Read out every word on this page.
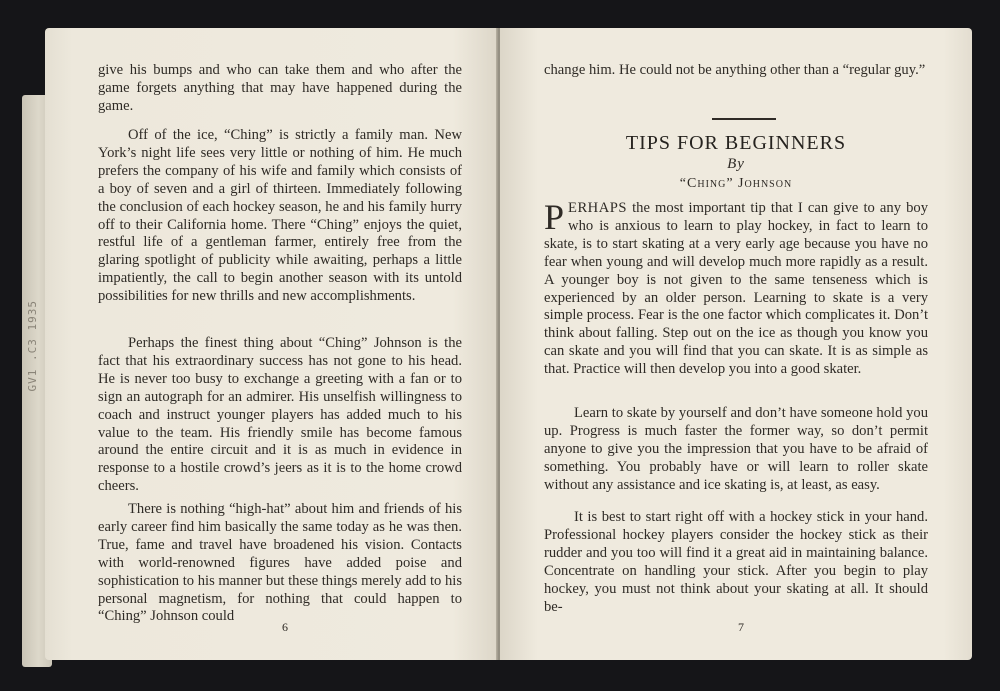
GV1 .C3 1935
give his bumps and who can take them and who after the game forgets anything that may have happened during the game.
Off of the ice, “Ching” is strictly a family man. New York’s night life sees very little or nothing of him. He much prefers the company of his wife and family which consists of a boy of seven and a girl of thirteen. Immediately following the conclusion of each hockey season, he and his family hurry off to their California home. There “Ching” enjoys the quiet, restful life of a gentleman farmer, entirely free from the glaring spotlight of publicity while awaiting, perhaps a little impatiently, the call to begin another season with its untold possibilities for new thrills and new accomplishments.
Perhaps the finest thing about “Ching” Johnson is the fact that his extraordinary success has not gone to his head. He is never too busy to exchange a greeting with a fan or to sign an autograph for an admirer. His unselfish willingness to coach and instruct younger players has added much to his value to the team. His friendly smile has become famous around the entire circuit and it is as much in evidence in response to a hostile crowd’s jeers as it is to the home crowd cheers.
There is nothing “high-hat” about him and friends of his early career find him basically the same today as he was then. True, fame and travel have broadened his vision. Contacts with world-renowned figures have added poise and sophistication to his manner but these things merely add to his personal magnetism, for nothing that could happen to “Ching” Johnson could
6
change him. He could not be anything other than a “regular guy.”
TIPS FOR BEGINNERS
By
“Ching” Johnson
PERHAPS the most important tip that I can give to any boy who is anxious to learn to play hockey, in fact to learn to skate, is to start skating at a very early age because you have no fear when young and will develop much more rapidly as a result. A younger boy is not given to the same tenseness which is experienced by an older person. Learning to skate is a very simple process. Fear is the one factor which complicates it. Don’t think about falling. Step out on the ice as though you know you can skate and you will find that you can skate. It is as simple as that. Practice will then develop you into a good skater.
Learn to skate by yourself and don’t have someone hold you up. Progress is much faster the former way, so don’t permit anyone to give you the impression that you have to be afraid of something. You probably have or will learn to roller skate without any assistance and ice skating is, at least, as easy.
It is best to start right off with a hockey stick in your hand. Professional hockey players consider the hockey stick as their rudder and you too will find it a great aid in maintaining balance. Concentrate on handling your stick. After you begin to play hockey, you must not think about your skating at all. It should be-
7
